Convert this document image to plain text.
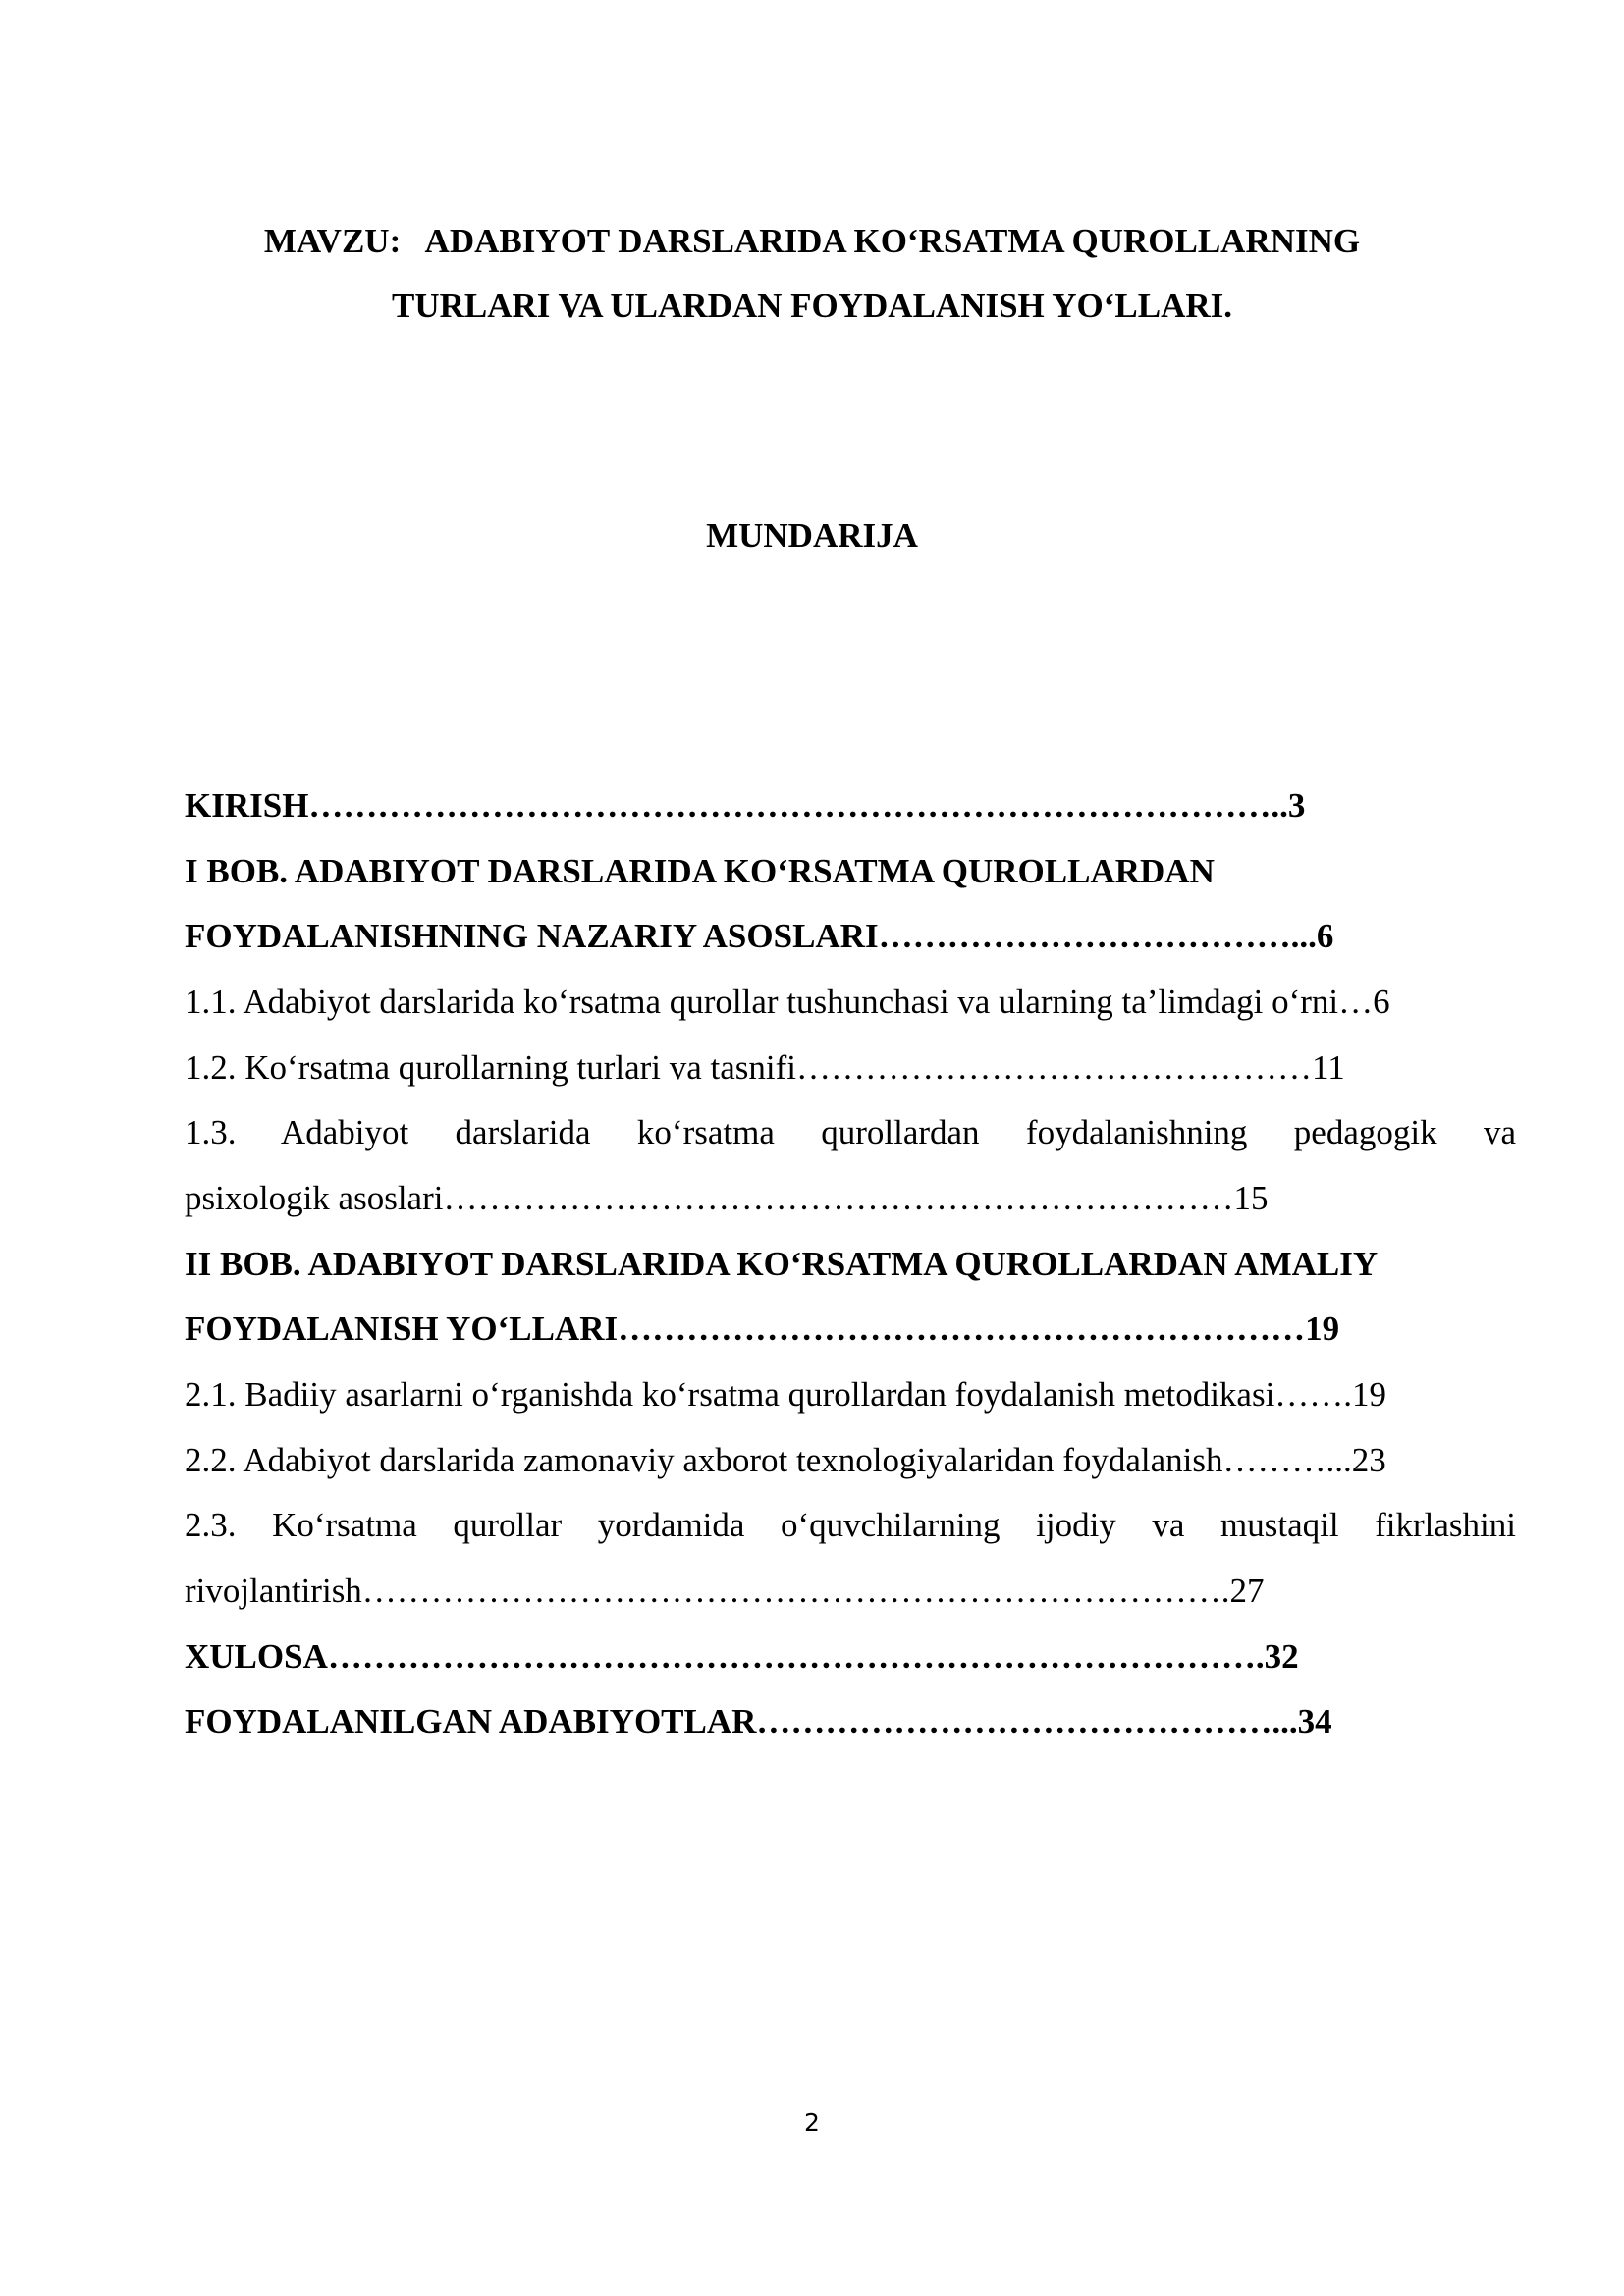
MAVZU:   ADABIYOT DARSLARIDA KO‘RSATMA QUROLLARNING
TURLARI VA ULARDAN FOYDALANISH YO‘LLARI.
MUNDARIJA
KIRISH…………………………………………………………………………..3
I BOB. ADABIYOT DARSLARIDA KO‘RSATMA QUROLLARDAN
FOYDALANISHNING NAZARIY ASOSLARI………………………………...6
1.1. Adabiyot darslarida ko‘rsatma qurollar tushunchasi va ularning ta’limdagi o‘rni…6
1.2. Ko‘rsatma qurollarning turlari va tasnifi………………………………………11
1.3. Adabiyot darslarida ko‘rsatma qurollardan foydalanishning pedagogik va
psixologik asoslari……………………………………………………………15
II BOB. ADABIYOT DARSLARIDA KO‘RSATMA QUROLLARDAN AMALIY
FOYDALANISH YO‘LLARI……………………………………………………19
2.1. Badiiy asarlarni o‘rganishda ko‘rsatma qurollardan foydalanish metodikasi…….19
2.2. Adabiyot darslarida zamonaviy axborot texnologiyalaridan foydalanish………...23
2.3. Ko‘rsatma qurollar yordamida o‘quvchilarning ijodiy va mustaqil fikrlashini
rivojlantirish………………………………………………………………….27
XULOSA……………………………………………………………………….32
FOYDALANILGAN ADABIYOTLAR………………………………………...34
2
